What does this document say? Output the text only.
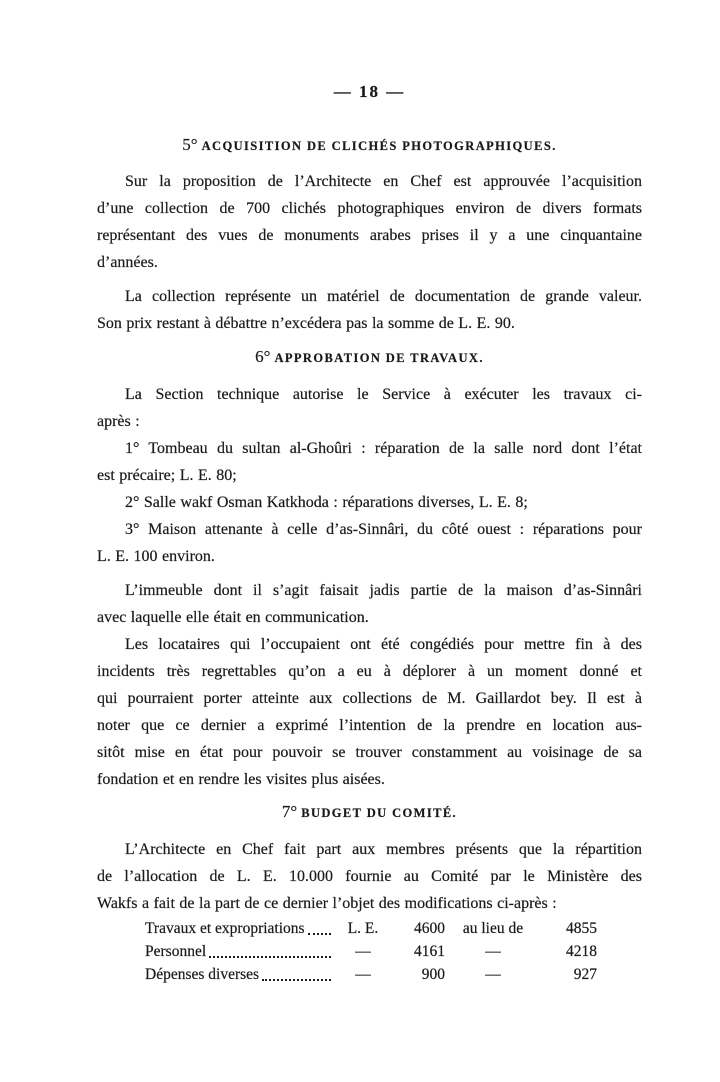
— 18 —
5° ACQUISITION DE CLICHÉS PHOTOGRAPHIQUES.
Sur la proposition de l’Architecte en Chef est approuvée l’acquisition
d’une collection de 700 clichés photographiques environ de divers formats
représentant des vues de monuments arabes prises il y a une cinquantaine
d’années.
La collection représente un matériel de documentation de grande valeur.
Son prix restant à débattre n’excédera pas la somme de L. E. 90.
6° APPROBATION DE TRAVAUX.
La Section technique autorise le Service à exécuter les travaux ci-
après :
1° Tombeau du sultan al-Ghoûri : réparation de la salle nord dont l’état
est précaire; L. E. 80;
2° Salle wakf Osman Katkhoda : réparations diverses, L. E. 8;
3° Maison attenante à celle d’as-Sinnâri, du côté ouest : réparations pour
L. E. 100 environ.
L’immeuble dont il s’agit faisait jadis partie de la maison d’as-Sinnâri
avec laquelle elle était en communication.
Les locataires qui l’occupaient ont été congédiés pour mettre fin à des
incidents très regrettables qu’on a eu à déplorer à un moment donné et
qui pourraient porter atteinte aux collections de M. Gaillardot bey. Il est à
noter que ce dernier a exprimé l’intention de la prendre en location aus-
sitôt mise en état pour pouvoir se trouver constamment au voisinage de sa
fondation et en rendre les visites plus aisées.
7° BUDGET DU COMITÉ.
L’Architecte en Chef fait part aux membres présents que la répartition
de l’allocation de L. E. 10.000 fournie au Comité par le Ministère des
Wakfs a fait de la part de ce dernier l’objet des modifications ci-après :
Travaux et expropriations	L. E.	4600	au lieu de	4855
Personnel	—	4161	—	4218
Dépenses diverses	—	900	—	927
